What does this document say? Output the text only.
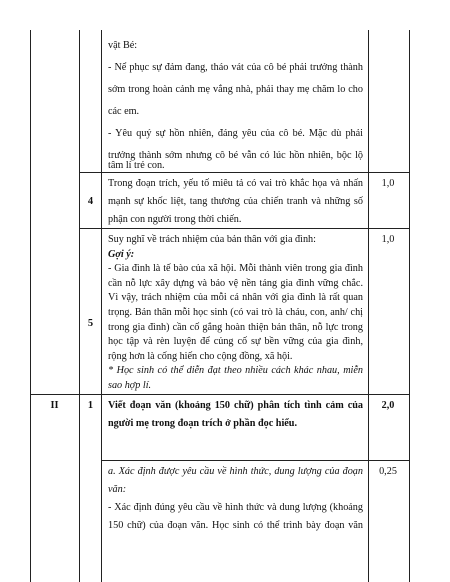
vật Bé:
- Nể phục sự đảm đang, tháo vát của cô bé phải trưởng thành
sớm trong hoàn cảnh mẹ vắng nhà, phải thay mẹ chăm lo cho
các em.
- Yêu quý sự hồn nhiên, đáng yêu của cô bé. Mặc dù phải
trưởng thành sớm nhưng cô bé vẫn có lúc hồn nhiên, bộc lộ
tâm lí trẻ con.
4
1,0
Trong đoạn trích, yếu tố miêu tả có vai trò khắc họa và nhấn
mạnh sự khốc liệt, tang thương của chiến tranh và những số
phận con người trong thời chiến.
5
1,0
II	1	2,0
Viết đoạn văn (khoảng 150 chữ) phân tích tình cảm của
người mẹ trong đoạn trích ở phần đọc hiểu.
0,25
a. Xác định được yêu cầu về hình thức, dung lượng của đoạn
văn:
- Xác định đúng yêu cầu về hình thức và dung lượng (khoảng
150 chữ) của đoạn văn. Học sinh có thể trình bày đoạn văn
Suy nghĩ về trách nhiệm của bản thân với gia đình:
Gợi ý:
- Gia đình là tế bào của xã hội. Mỗi thành viên trong gia đình
cần nỗ lực xây dựng và bảo vệ nền tảng gia đình vững chắc.
Vì vậy, trách nhiệm của mỗi cá nhân với gia đình là rất quan
trọng. Bản thân mỗi học sinh (có vai trò là cháu, con, anh/ chị
trong gia đình) cần cố gắng hoàn thiện bản thân, nỗ lực trong
học tập và rèn luyện để củng cố sự bền vững của gia đình,
rộng hơn là cống hiến cho cộng đồng, xã hội.
* Học sinh có thể diễn đạt theo nhiều cách khác nhau, miễn
sao hợp lí.
